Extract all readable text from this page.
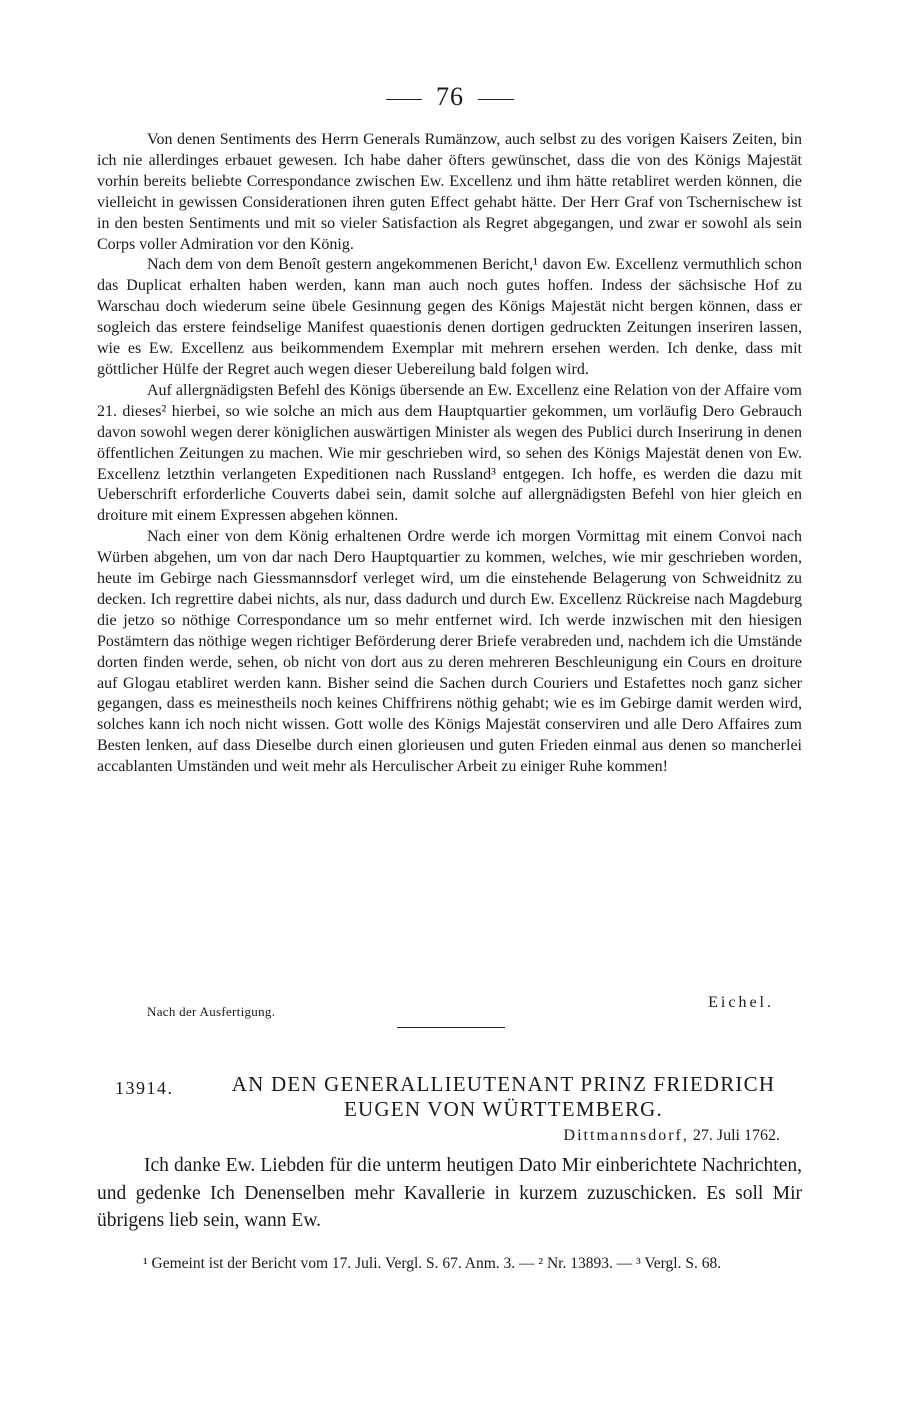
76

Von denen Sentiments des Herrn Generals Rumänzow, auch selbst zu des vorigen Kaisers Zeiten, bin ich nie allerdinges erbauet gewesen. Ich habe daher öfters gewünschet, dass die von des Königs Majestät vorhin bereits beliebte Correspondance zwischen Ew. Excellenz und ihm hätte retabliret werden können, die vielleicht in gewissen Considerationen ihren guten Effect gehabt hätte. Der Herr Graf von Tschernischew ist in den besten Sentiments und mit so vieler Satisfaction als Regret abgegangen, und zwar er sowohl als sein Corps voller Admiration vor den König.

Nach dem von dem Benoît gestern angekommenen Bericht,¹ davon Ew. Excellenz vermuthlich schon das Duplicat erhalten haben werden, kann man auch noch gutes hoffen. Indess der sächsische Hof zu Warschau doch wiederum seine übele Gesinnung gegen des Königs Majestät nicht bergen können, dass er sogleich das erstere feindselige Manifest quaestionis denen dortigen gedruckten Zeitungen inseriren lassen, wie es Ew. Excellenz aus beikommendem Exemplar mit mehrern ersehen werden. Ich denke, dass mit göttlicher Hülfe der Regret auch wegen dieser Uebereilung bald folgen wird.

Auf allergnädigsten Befehl des Königs übersende an Ew. Excellenz eine Relation von der Affaire vom 21. dieses² hierbei, so wie solche an mich aus dem Hauptquartier gekommen, um vorläufig Dero Gebrauch davon sowohl wegen derer königlichen auswärtigen Minister als wegen des Publici durch Inserirung in denen öffentlichen Zeitungen zu machen. Wie mir geschrieben wird, so sehen des Königs Majestät denen von Ew. Excellenz letzthin verlangeten Expeditionen nach Russland³ entgegen. Ich hoffe, es werden die dazu mit Ueberschrift erforderliche Couverts dabei sein, damit solche auf allergnädigsten Befehl von hier gleich en droiture mit einem Expressen abgehen können.

Nach einer von dem König erhaltenen Ordre werde ich morgen Vormittag mit einem Convoi nach Würben abgehen, um von dar nach Dero Hauptquartier zu kommen, welches, wie mir geschrieben worden, heute im Gebirge nach Giessmannsdorf verleget wird, um die einstehende Belagerung von Schweidnitz zu decken. Ich regrettire dabei nichts, als nur, dass dadurch und durch Ew. Excellenz Rückreise nach Magdeburg die jetzo so nöthige Correspondance um so mehr entfernet wird. Ich werde inzwischen mit den hiesigen Postämtern das nöthige wegen richtiger Beförderung derer Briefe verabreden und, nachdem ich die Umstände dorten finden werde, sehen, ob nicht von dort aus zu deren mehreren Beschleunigung ein Cours en droiture auf Glogau etabliret werden kann. Bisher seind die Sachen durch Couriers und Estafettes noch ganz sicher gegangen, dass es meinestheils noch keines Chiffrirens nöthig gehabt; wie es im Gebirge damit werden wird, solches kann ich noch nicht wissen. Gott wolle des Königs Majestät conserviren und alle Dero Affaires zum Besten lenken, auf dass Dieselbe durch einen glorieusen und guten Frieden einmal aus denen so mancherlei accablanten Umständen und weit mehr als Herculischer Arbeit zu einiger Ruhe kommen!

Nach der Ausfertigung.
Eichel.
13914.	AN DEN GENERALLIEUTENANT PRINZ FRIEDRICH
EUGEN VON WÜRTTEMBERG.
Dittmannsdorf, 27. Juli 1762.

Ich danke Ew. Liebden für die unterm heutigen Dato Mir einberichtete Nachrichten, und gedenke Ich Denenselben mehr Kavallerie in kurzem zuzuschicken. Es soll Mir übrigens lieb sein, wann Ew.

¹ Gemeint ist der Bericht vom 17. Juli. Vergl. S. 67. Anm. 3. — ² Nr. 13893. — ³ Vergl. S. 68.
